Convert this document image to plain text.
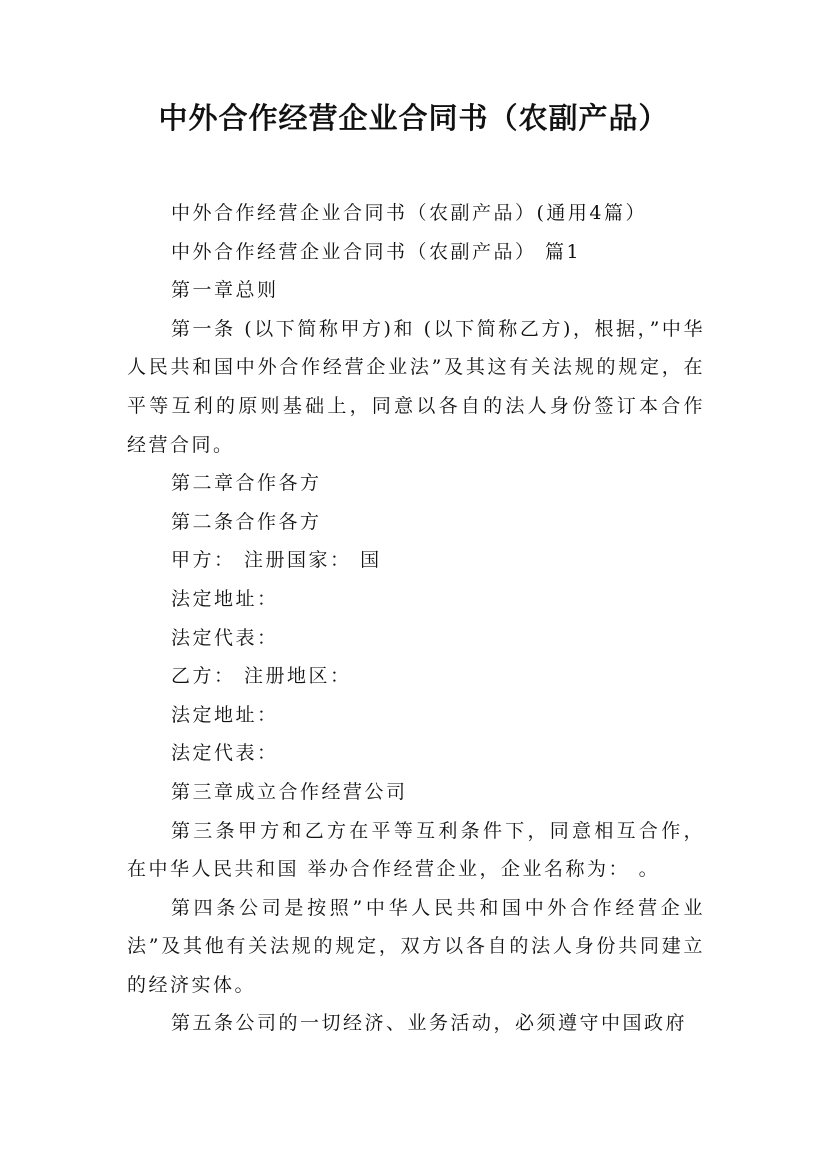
中外合作经营企业合同书（农副产品）

中外合作经营企业合同书（农副产品）(通用4篇）

中外合作经营企业合同书（农副产品） 篇1

第一章总则

第一条 (以下简称甲方)和 (以下简称乙方)，根据，”中华人民共和国中外合作经营企业法”及其这有关法规的规定，在平等互利的原则基础上，同意以各自的法人身份签订本合作经营合同。

第二章合作各方

第二条合作各方

甲方： 注册国家： 国

法定地址：

法定代表：

乙方： 注册地区：

法定地址：

法定代表：

第三章成立合作经营公司

第三条甲方和乙方在平等互利条件下，同意相互合作，在中华人民共和国 举办合作经营企业，企业名称为： 。

第四条公司是按照”中华人民共和国中外合作经营企业法”及其他有关法规的规定，双方以各自的法人身份共同建立的经济实体。

第五条公司的一切经济、业务活动，必须遵守中国政府
